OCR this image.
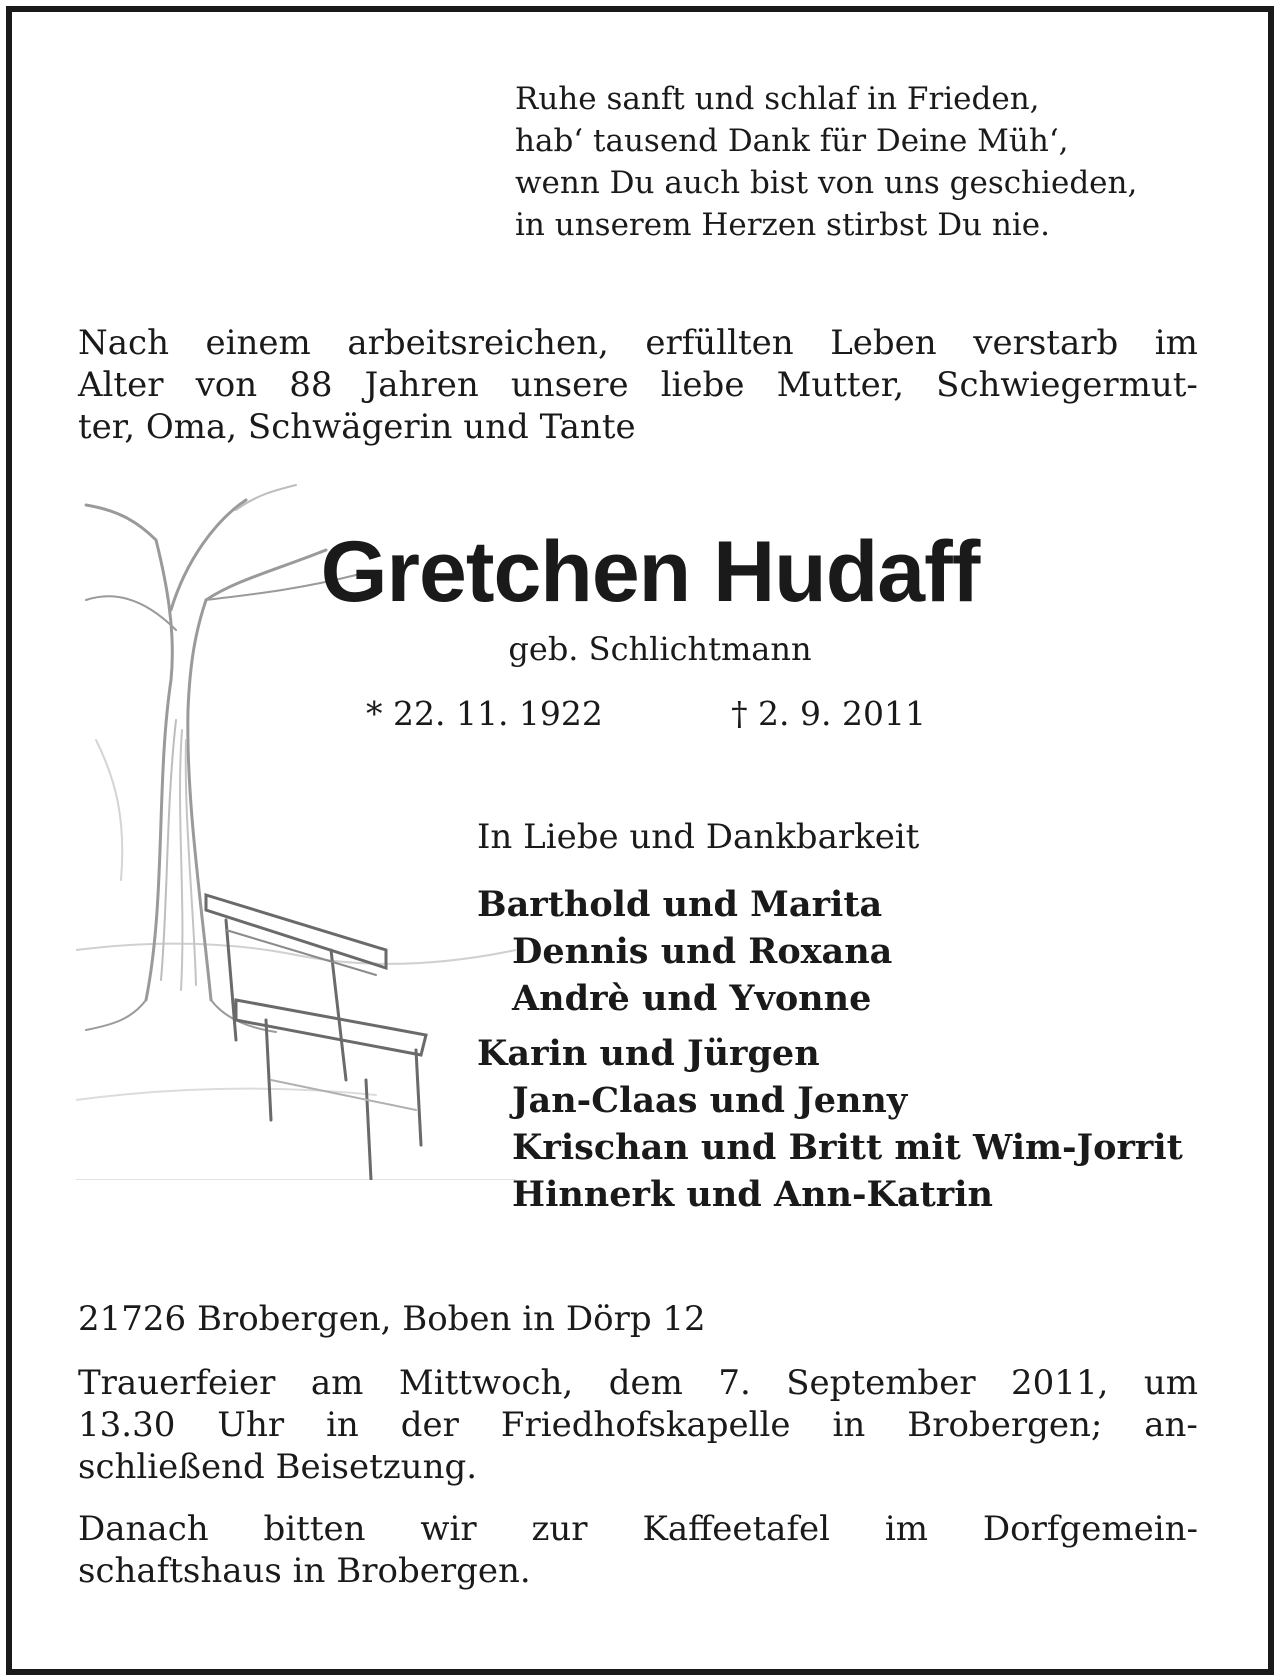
Ruhe sanft und schlaf in Frieden,
hab‘ tausend Dank für Deine Müh‘,
wenn Du auch bist von uns geschieden,
in unserem Herzen stirbst Du nie.
Nach einem arbeitsreichen, erfüllten Leben verstarb im
Alter von 88 Jahren unsere liebe Mutter, Schwiegermut-
ter, Oma, Schwägerin und Tante
Gretchen Hudaff
geb. Schlichtmann
* 22. 11. 1922	† 2. 9. 2011
In Liebe und Dankbarkeit
Barthold und Marita
Dennis und Roxana
Andrè und Yvonne
Karin und Jürgen
Jan-Claas und Jenny
Krischan und Britt mit Wim-Jorrit
Hinnerk und Ann-Katrin
21726 Brobergen, Boben in Dörp 12
Trauerfeier am Mittwoch, dem 7. September 2011, um
13.30 Uhr in der Friedhofskapelle in Brobergen; an-
schließend Beisetzung.
Danach bitten wir zur Kaffeetafel im Dorfgemein-
schaftshaus in Brobergen.
